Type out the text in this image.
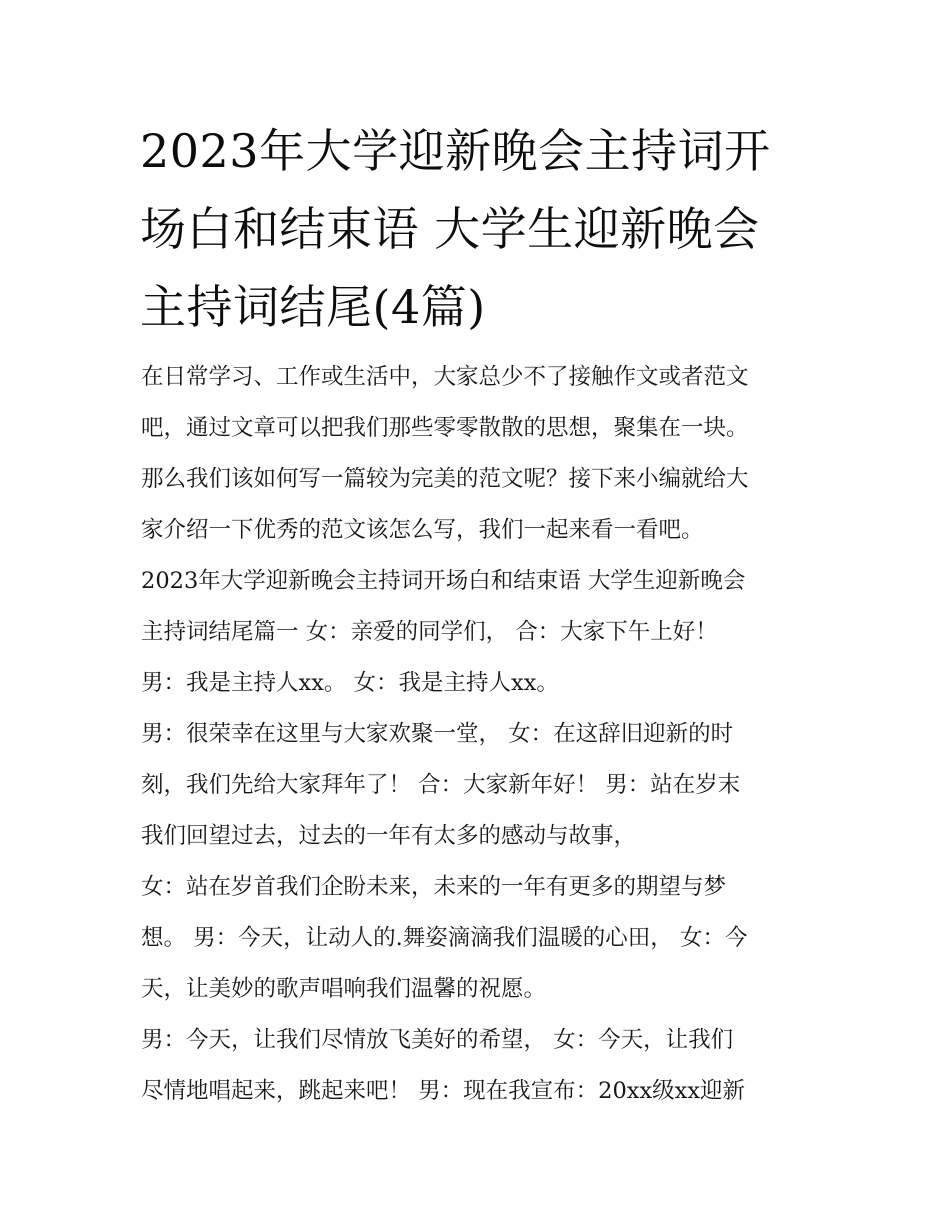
2023年大学迎新晚会主持词开
场白和结束语 大学生迎新晚会
主持词结尾(4篇)
在日常学习、工作或生活中，大家总少不了接触作文或者范文
吧，通过文章可以把我们那些零零散散的思想，聚集在一块。
那么我们该如何写一篇较为完美的范文呢？接下来小编就给大
家介绍一下优秀的范文该怎么写，我们一起来看一看吧。
2023年大学迎新晚会主持词开场白和结束语 大学生迎新晚会
主持词结尾篇一 女：亲爱的同学们， 合：大家下午上好！
男：我是主持人xx。 女：我是主持人xx。
男：很荣幸在这里与大家欢聚一堂， 女：在这辞旧迎新的时
刻，我们先给大家拜年了！ 合：大家新年好！ 男：站在岁末
我们回望过去，过去的一年有太多的感动与故事，
女：站在岁首我们企盼未来，未来的一年有更多的期望与梦
想。 男：今天，让动人的.舞姿滴滴我们温暖的心田， 女：今
天，让美妙的歌声唱响我们温馨的祝愿。
男：今天，让我们尽情放飞美好的希望， 女：今天，让我们
尽情地唱起来，跳起来吧！ 男：现在我宣布：20xx级xx迎新
